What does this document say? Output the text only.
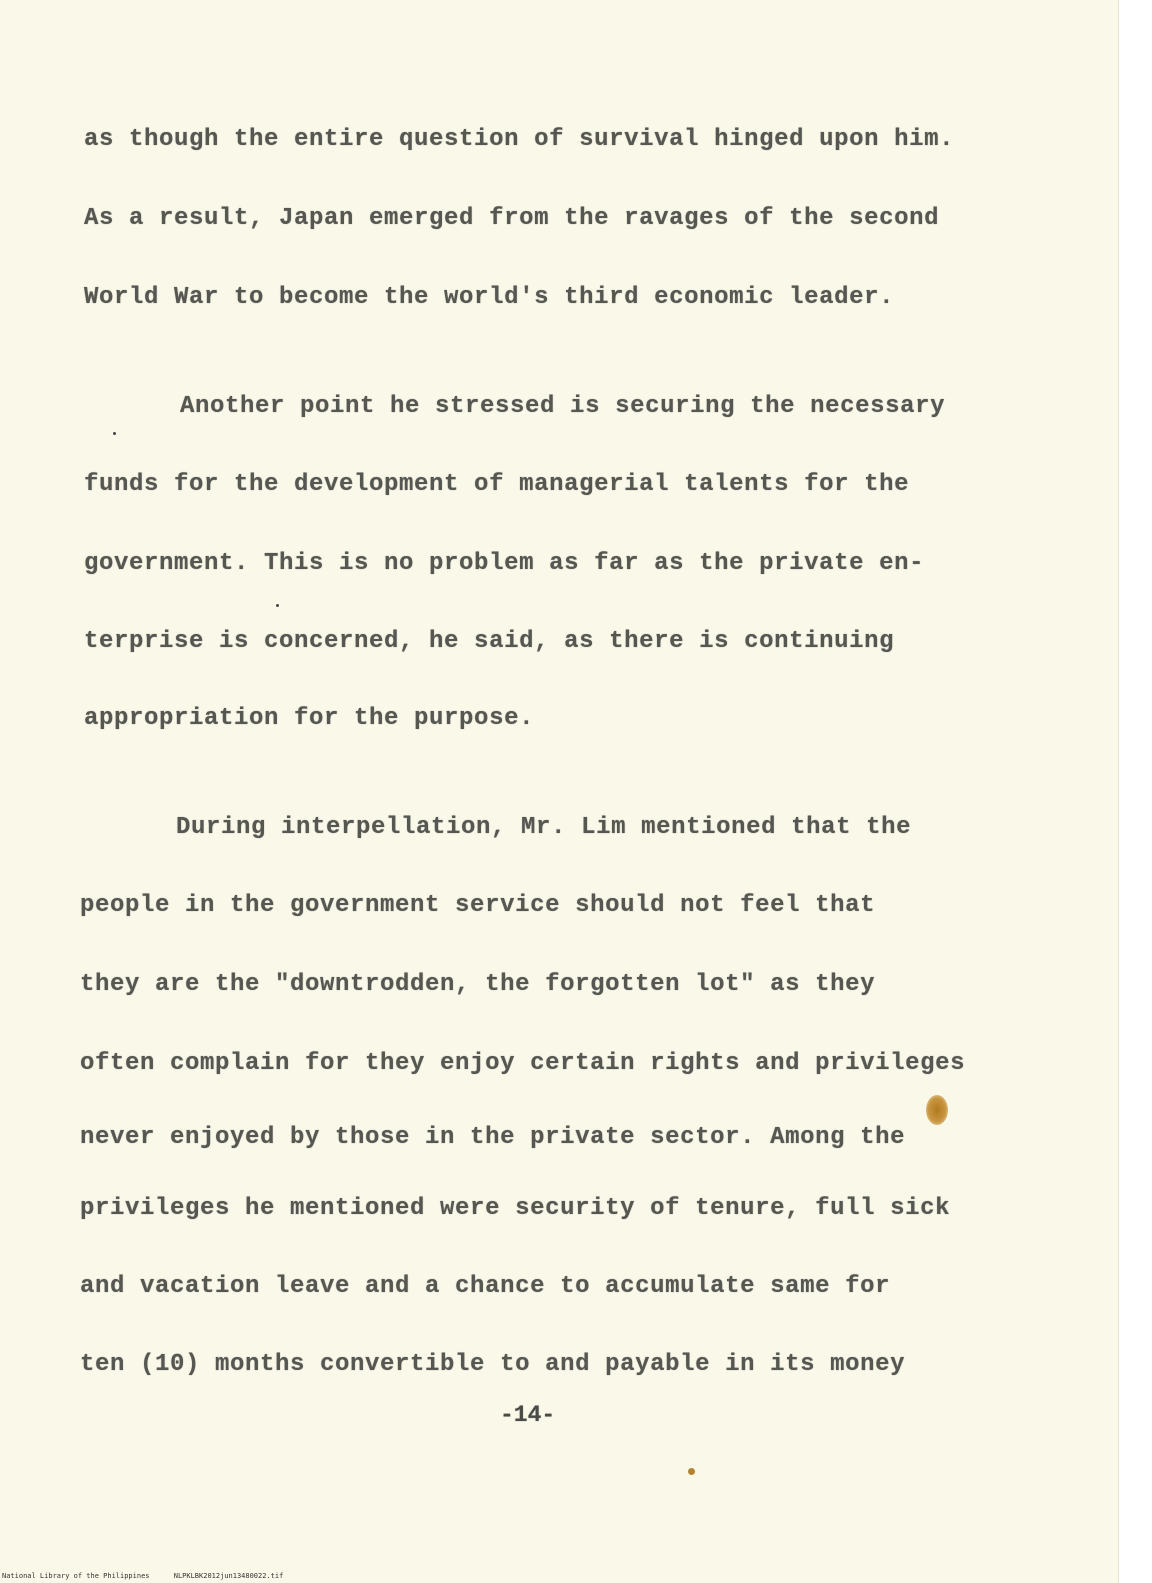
as though the entire question of survival hinged upon him.
As a result, Japan emerged from the ravages of the second
World War to become the world's third economic leader.
Another point he stressed is securing the necessary
funds for the development of managerial talents for the
government. This is no problem as far as the private en-
terprise is concerned, he said, as there is continuing
appropriation for the purpose.
During interpellation, Mr. Lim mentioned that the
people in the government service should not feel that
they are the "downtrodden, the forgotten lot" as they
often complain for they enjoy certain rights and privileges
never enjoyed by those in the private sector. Among the
privileges he mentioned were security of tenure, full sick
and vacation leave and a chance to accumulate same for
ten (10) months convertible to and payable in its money
-14-
National Library of the Philippines	NLPKLBK2012jun13480022.tif
